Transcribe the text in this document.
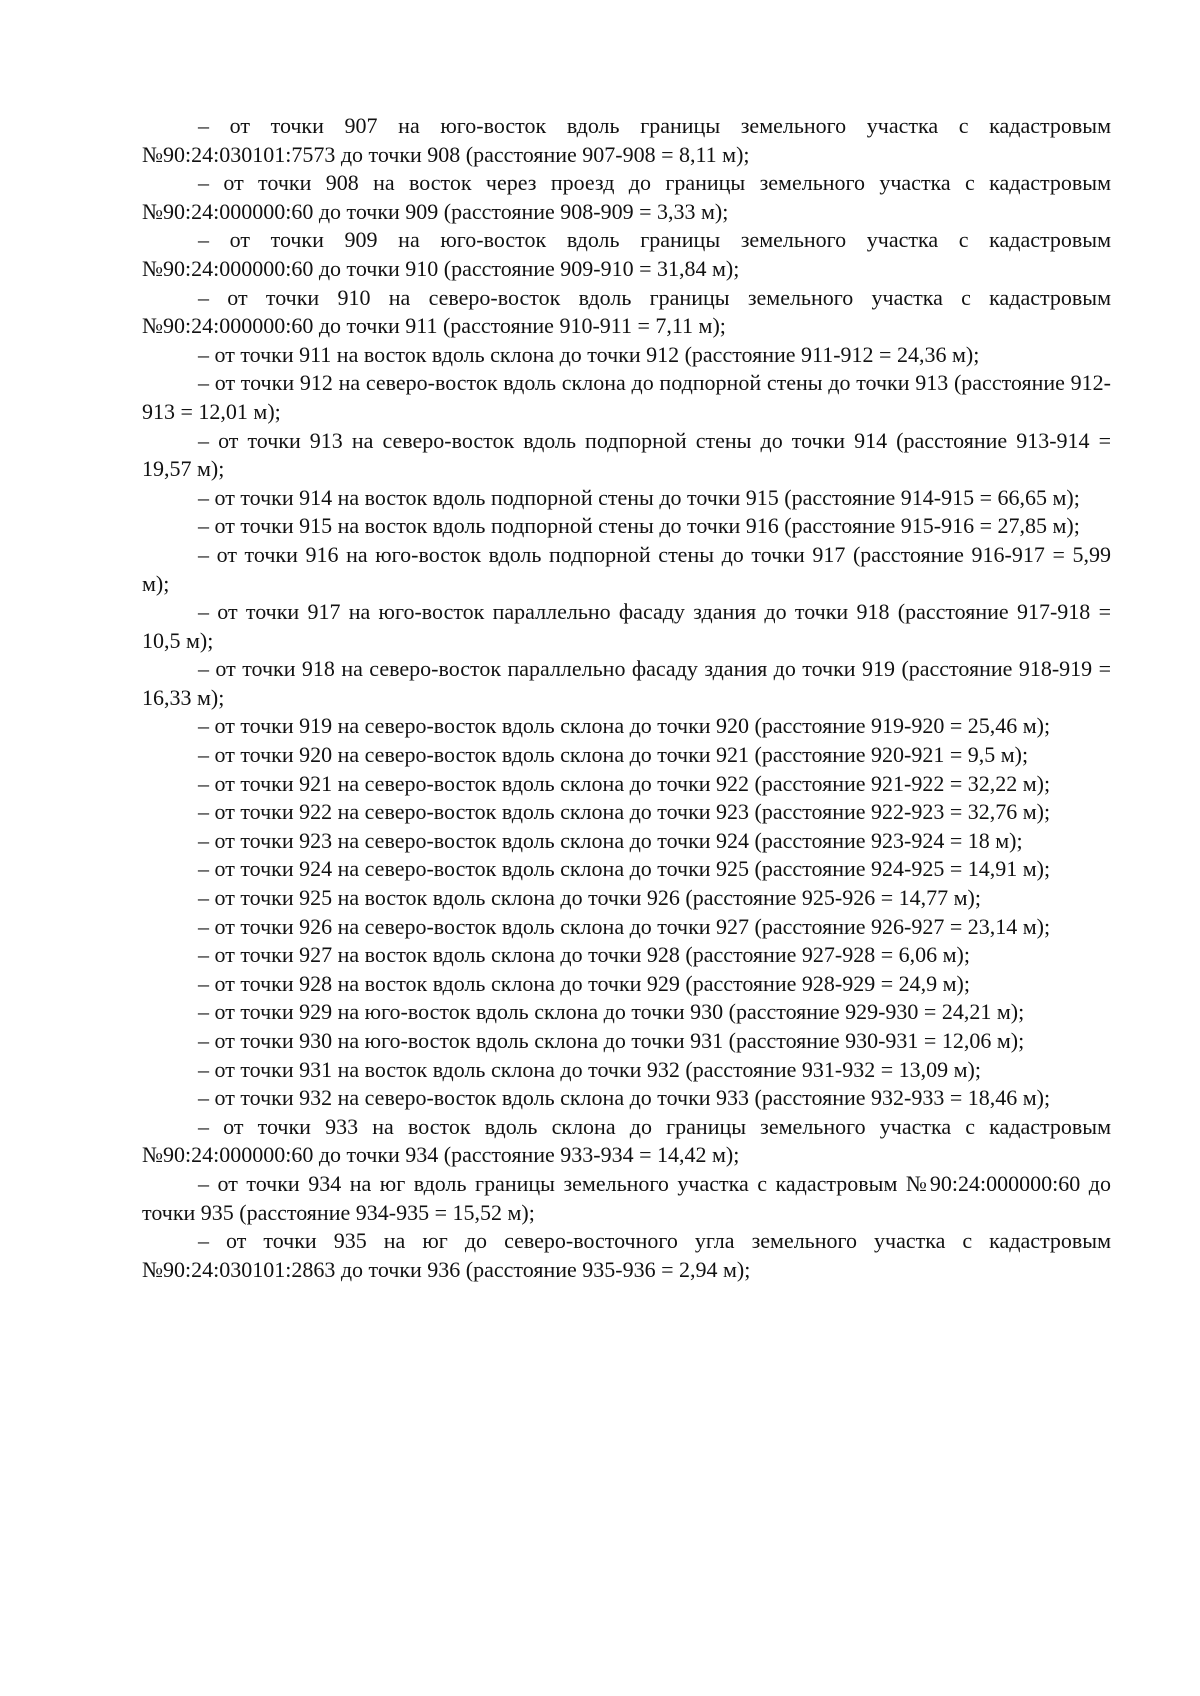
– от точки 907 на юго-восток вдоль границы земельного участка с кадастровым №90:24:030101:7573 до точки 908 (расстояние 907-908 = 8,11 м);

– от точки 908 на восток через проезд до границы земельного участка с кадастровым №90:24:000000:60 до точки 909 (расстояние 908-909 = 3,33 м);

– от точки 909 на юго-восток вдоль границы земельного участка с кадастровым №90:24:000000:60 до точки 910 (расстояние 909-910 = 31,84 м);

– от точки 910 на северо-восток вдоль границы земельного участка с кадастровым №90:24:000000:60 до точки 911 (расстояние 910-911 = 7,11 м);

– от точки 911 на восток вдоль склона до точки 912 (расстояние 911-912 = 24,36 м);

– от точки 912 на северо-восток вдоль склона до подпорной стены до точки 913 (расстояние 912-913 = 12,01 м);

– от точки 913 на северо-восток вдоль подпорной стены до точки 914 (расстояние 913-914 = 19,57 м);

– от точки 914 на восток вдоль подпорной стены до точки 915 (расстояние 914-915 = 66,65 м);

– от точки 915 на восток вдоль подпорной стены до точки 916 (расстояние 915-916 = 27,85 м);

– от точки 916 на юго-восток вдоль подпорной стены до точки 917 (расстояние 916-917 = 5,99 м);

– от точки 917 на юго-восток параллельно фасаду здания до точки 918 (расстояние 917-918 = 10,5 м);

– от точки 918 на северо-восток параллельно фасаду здания до точки 919 (расстояние 918-919 = 16,33 м);

– от точки 919 на северо-восток вдоль склона до точки 920 (расстояние 919-920 = 25,46 м);

– от точки 920 на северо-восток вдоль склона до точки 921 (расстояние 920-921 = 9,5 м);

– от точки 921 на северо-восток вдоль склона до точки 922 (расстояние 921-922 = 32,22 м);

– от точки 922 на северо-восток вдоль склона до точки 923 (расстояние 922-923 = 32,76 м);

– от точки 923 на северо-восток вдоль склона до точки 924 (расстояние 923-924 = 18 м);

– от точки 924 на северо-восток вдоль склона до точки 925 (расстояние 924-925 = 14,91 м);

– от точки 925 на восток вдоль склона до точки 926 (расстояние 925-926 = 14,77 м);

– от точки 926 на северо-восток вдоль склона до точки 927 (расстояние 926-927 = 23,14 м);

– от точки 927 на восток вдоль склона до точки 928 (расстояние 927-928 = 6,06 м);

– от точки 928 на восток вдоль склона до точки 929 (расстояние 928-929 = 24,9 м);

– от точки 929 на юго-восток вдоль склона до точки 930 (расстояние 929-930 = 24,21 м);

– от точки 930 на юго-восток вдоль склона до точки 931 (расстояние 930-931 = 12,06 м);

– от точки 931 на восток вдоль склона до точки 932 (расстояние 931-932 = 13,09 м);

– от точки 932 на северо-восток вдоль склона до точки 933 (расстояние 932-933 = 18,46 м);

– от точки 933 на восток вдоль склона до границы земельного участка с кадастровым №90:24:000000:60 до точки 934 (расстояние 933-934 = 14,42 м);

– от точки 934 на юг вдоль границы земельного участка с кадастровым №90:24:000000:60 до точки 935 (расстояние 934-935 = 15,52 м);

– от точки 935 на юг до северо-восточного угла земельного участка с кадастровым №90:24:030101:2863 до точки 936 (расстояние 935-936 = 2,94 м);
